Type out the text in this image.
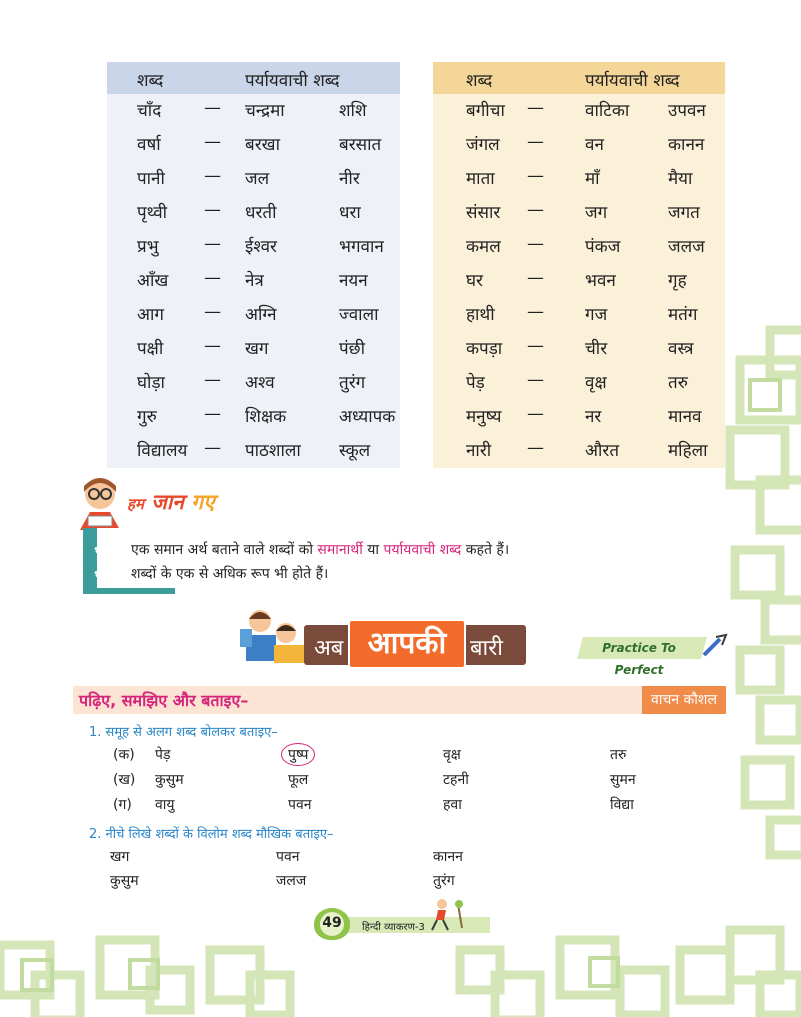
शब्द	पर्यायवाची शब्द
चाँद	— चन्द्रमा	शशि
वर्षा	— बरखा	बरसात
पानी — जल	नीर
पृथ्वी — धरती	धरा
प्रभु	— ईश्वर	भगवान
आँख — नेत्र	नयन
आग — अग्नि	ज्वाला
पक्षी — खग	पंछी
घोड़ा — अश्व	तुरंग
गुरु	— शिक्षक	अध्यापक
विद्यालय — पाठशाला स्कूल
शब्द	पर्यायवाची शब्द
बगीचा — वाटिका उपवन
जंगल — वन	कानन
माता — माँ	मैया
संसार — जग	जगत
कमल — पंकज	जलज
घर	— भवन	गृह
हाथी — गज	मतंग
कपड़ा — चीर	वस्त्र
पेड़ — वृक्ष	तरु
मनुष्य — नर	मानव
नारी — औरत	महिला
हम जान गए
✿
✿
एक समान अर्थ बताने वाले शब्दों को समानार्थी या पर्यायवाची शब्द कहते हैं।
शब्दों के एक से अधिक रूप भी होते हैं।
अब आपकी	बारी	Practice To Perfect
पढ़िए, समझिए और बताइए–	वाचन कौशल
1. समूह से अलग शब्द बोलकर बताइए–
(क) पेड़	पुष्प	वृक्ष	तरु
(ख) कुसुम	फूल	टहनी	सुमन
(ग) वायु	पवन	हवा	विद्या
2. नीचे लिखे शब्दों के विलोम शब्द मौखिक बताइए–
खग	पवन	कानन
कुसुम	जलज	तुरंग
49	हिन्दी व्याकरण-3
